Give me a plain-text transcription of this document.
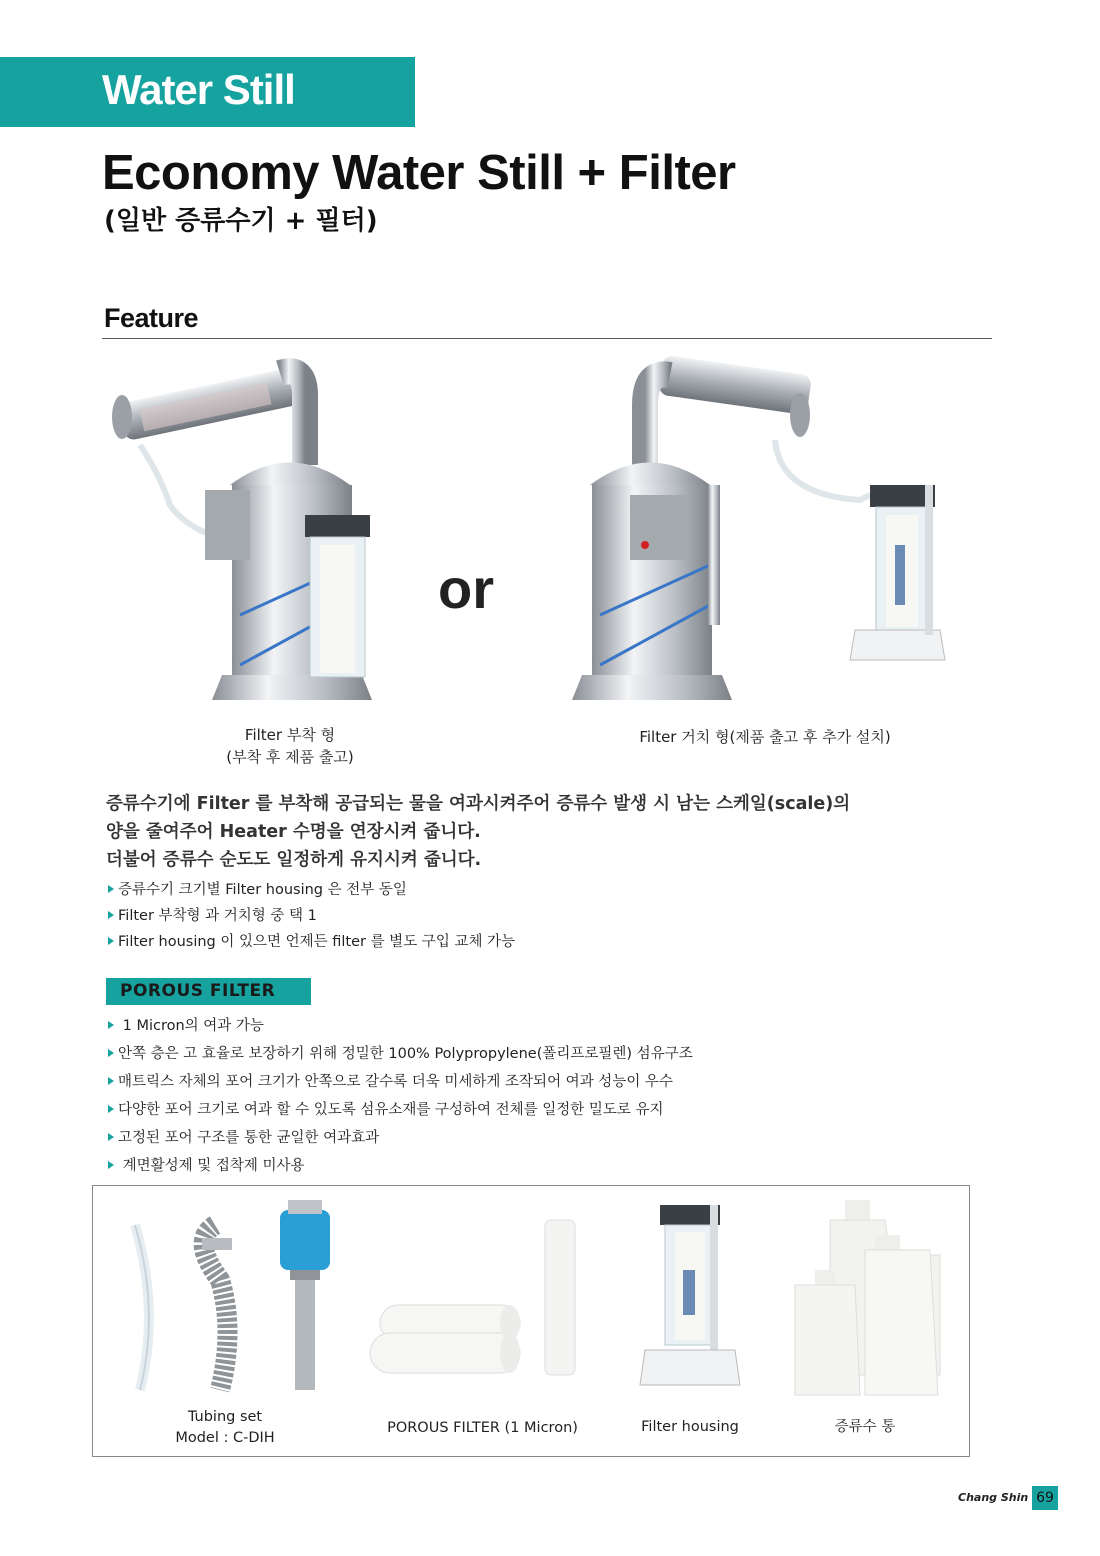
Water Still
Economy Water Still + Filter
(일반 증류수기 + 필터)
Feature
or
Filter 부착 형
(부착 후 제품 출고)
Filter 거치 형(제품 출고 후 추가 설치)
증류수기에 Filter 를 부착해 공급되는 물을 여과시켜주어 증류수 발생 시 남는 스케일(scale)의
양을 줄여주어 Heater 수명을 연장시켜 줍니다.
더불어 증류수 순도도 일정하게 유지시켜 줍니다.
증류수기 크기별 Filter housing 은 전부 동일
Filter 부착형 과 거치형 중 택 1
Filter housing 이 있으면 언제든 filter 를 별도 구입 교체 가능
POROUS FILTER
1 Micron의 여과 가능
안쪽 층은 고 효율로 보장하기 위해 정밀한 100% Polypropylene(폴리프로필렌) 섬유구조
매트릭스 자체의 포어 크기가 안쪽으로 갈수록 더욱 미세하게 조작되어 여과 성능이 우수
다양한 포어 크기로 여과 할 수 있도록 섬유소재를 구성하여 전체를 일정한 밀도로 유지
고정된 포어 구조를 통한 균일한 여과효과
계면활성제 및 접착제 미사용
Tubing set
Model : C-DIH
POROUS FILTER (1 Micron)	Filter housing	증류수 통
Chang Shin 69
